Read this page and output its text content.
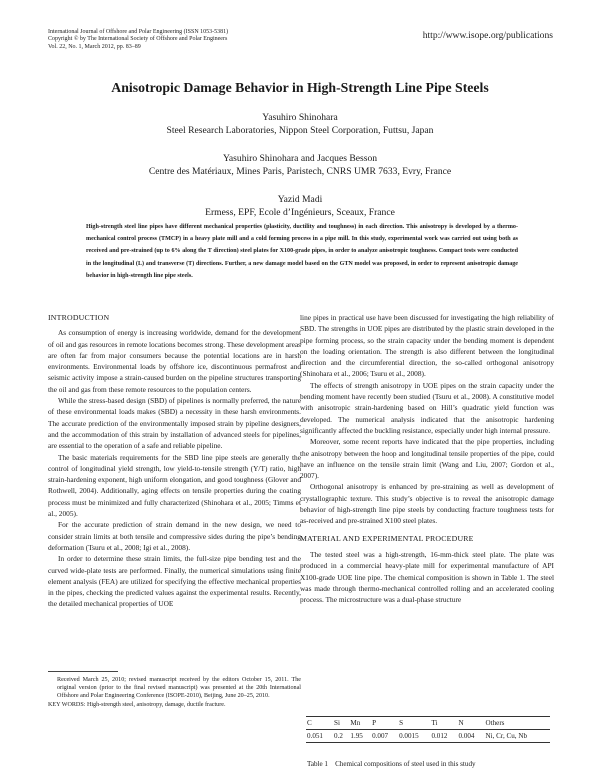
International Journal of Offshore and Polar Engineering (ISSN 1053-5381)
Copyright © by The International Society of Offshore and Polar Engineers
Vol. 22, No. 1, March 2012, pp. 83–89
http://www.isope.org/publications
Anisotropic Damage Behavior in High-Strength Line Pipe Steels
Yasuhiro Shinohara
Steel Research Laboratories, Nippon Steel Corporation, Futtsu, Japan
Yasuhiro Shinohara and Jacques Besson
Centre des Matériaux, Mines Paris, Paristech, CNRS UMR 7633, Evry, France
Yazid Madi
Ermess, EPF, Ecole d’Ingénieurs, Sceaux, France

High-strength steel line pipes have different mechanical properties (plasticity, ductility and toughness) in each direction. This anisotropy is developed by a thermo-mechanical control process (TMCP) in a heavy plate mill and a cold forming process in a pipe mill. In this study, experimental work was carried out using both as received and pre-strained (up to 6% along the T direction) steel plates for X100-grade pipes, in order to analyze anisotropic toughness. Compact tests were conducted in the longitudinal (L) and transverse (T) directions. Further, a new damage model based on the GTN model was proposed, in order to represent anisotropic damage behavior in high-strength line pipe steels.

INTRODUCTION

As consumption of energy is increasing worldwide, demand for the development of oil and gas resources in remote locations becomes strong. These development areas are often far from major consumers because the potential locations are in harsh environments. Environmental loads by offshore ice, discontinuous permafrost and seismic activity impose a strain-caused burden on the pipeline structures transporting the oil and gas from these remote resources to the population centers.

While the stress-based design (SBD) of pipelines is normally preferred, the nature of these environmental loads makes (SBD) a necessity in these harsh environments. The accurate prediction of the environmentally imposed strain by pipeline designers, and the accommodation of this strain by installation of advanced steels for pipelines, are essential to the operation of a safe and reliable pipeline.

The basic materials requirements for the SBD line pipe steels are generally the control of longitudinal yield strength, low yield-to-tensile strength (Y/T) ratio, high strain-hardening exponent, high uniform elongation, and good toughness (Glover and Rothwell, 2004). Additionally, aging effects on tensile properties during the coating process must be minimized and fully characterized (Shinohara et al., 2005; Timms et al., 2005).

For the accurate prediction of strain demand in the new design, we need to consider strain limits at both tensile and compressive sides during the pipe’s bending deformation (Tsuru et al., 2008; Igi et al., 2008).

In order to determine these strain limits, the full-size pipe bending test and the curved wide-plate tests are performed. Finally, the numerical simulations using finite element analysis (FEA) are utilized for specifying the effective mechanical properties in the pipes, checking the predicted values against the experimental results. Recently, the detailed mechanical properties of UOE

line pipes in practical use have been discussed for investigating the high reliability of SBD. The strengths in UOE pipes are distributed by the plastic strain developed in the pipe forming process, so the strain capacity under the bending moment is dependent on the loading orientation. The strength is also different between the longitudinal direction and the circumferential direction, the so-called orthogonal anisotropy (Shinohara et al., 2006; Tsuru et al., 2008).

The effects of strength anisotropy in UOE pipes on the strain capacity under the bending moment have recently been studied (Tsuru et al., 2008). A constitutive model with anisotropic strain-hardening based on Hill’s quadratic yield function was developed. The numerical analysis indicated that the anisotropic hardening significantly affected the buckling resistance, especially under high internal pressure.

Moreover, some recent reports have indicated that the pipe properties, including the anisotropy between the hoop and longitudinal tensile properties of the pipe, could have an influence on the tensile strain limit (Wang and Liu, 2007; Gordon et al., 2007).

Orthogonal anisotropy is enhanced by pre-straining as well as development of crystallographic texture. This study’s objective is to reveal the anisotropic damage behavior of high-strength line pipe steels by conducting fracture toughness tests for as-received and pre-strained X100 steel plates.

MATERIAL AND EXPERIMENTAL PROCEDURE

The tested steel was a high-strength, 16-mm-thick steel plate. The plate was produced in a commercial heavy-plate mill for experimental manufacture of API X100-grade UOE line pipe. The chemical composition is shown in Table 1. The steel was made through thermo-mechanical controlled rolling and an accelerated cooling process. The microstructure was a dual-phase structure

Received March 25, 2010; revised manuscript received by the editors October 15, 2011. The original version (prior to the final revised manuscript) was presented at the 20th International Offshore and Polar Engineering Conference (ISOPE-2010), Beijing, June 20–25, 2010.
KEY WORDS: High-strength steel, anisotropy, damage, ductile fracture.
C	Si	Mn	P	S	Ti	N	Others
0.051	0.2	1.95	0.007	0.0015	0.012	0.004	Ni, Cr, Cu, Nb
Table 1    Chemical compositions of steel used in this study
